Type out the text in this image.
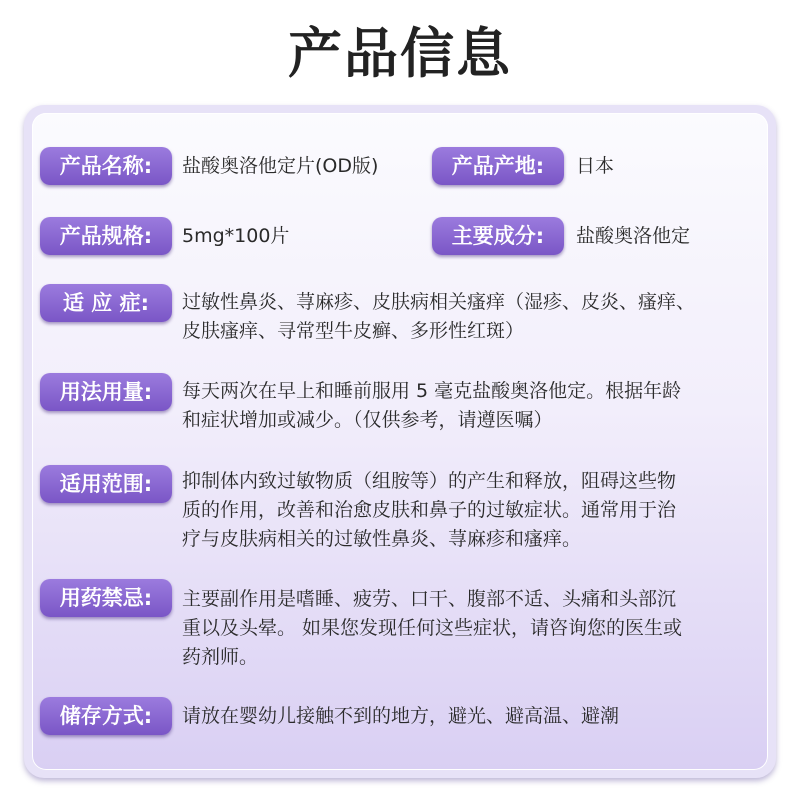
产品信息
产品名称:	盐酸奥洛他定片(OD版)	产品产地:	日本
产品规格:	5mg*100片	主要成分:	盐酸奥洛他定
适 应 症:	过敏性鼻炎、荨麻疹、皮肤病相关瘙痒（湿疹、皮炎、瘙痒、
皮肤瘙痒、寻常型牛皮癣、多形性红斑）
用法用量:	每天两次在早上和睡前服用 5 毫克盐酸奥洛他定。根据年龄
和症状增加或减少。（仅供参考，请遵医嘱）
适用范围:	抑制体内致过敏物质（组胺等）的产生和释放，阻碍这些物
质的作用，改善和治愈皮肤和鼻子的过敏症状。通常用于治
疗与皮肤病相关的过敏性鼻炎、荨麻疹和瘙痒。
用药禁忌:	主要副作用是嗜睡、疲劳、口干、腹部不适、头痛和头部沉
重以及头晕。 如果您发现任何这些症状，请咨询您的医生或
药剂师。
储存方式:	请放在婴幼儿接触不到的地方，避光、避高温、避潮
